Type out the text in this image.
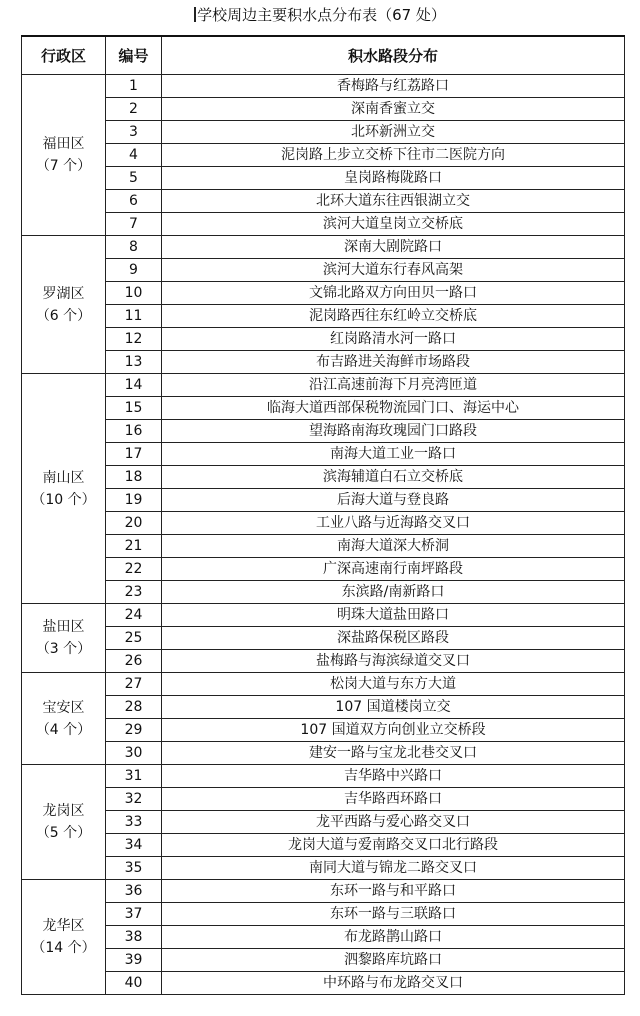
学校周边主要积水点分布表（67 处）
行政区	编号	积水路段分布

福田区
（7 个）	1	香梅路与红荔路口
	2	深南香蜜立交
	3	北环新洲立交
	4	泥岗路上步立交桥下往市二医院方向
	5	皇岗路梅陇路口
	6	北环大道东往西银湖立交
	7	滨河大道皇岗立交桥底

罗湖区
（6 个）	8	深南大剧院路口
	9	滨河大道东行春风高架
	10	文锦北路双方向田贝一路口
	11	泥岗路西往东红岭立交桥底
	12	红岗路清水河一路口
	13	布吉路进关海鲜市场路段

南山区
（10 个）	14	沿江高速前海下月亮湾匝道
	15	临海大道西部保税物流园门口、海运中心
	16	望海路南海玫瑰园门口路段
	17	南海大道工业一路口
	18	滨海辅道白石立交桥底
	19	后海大道与登良路
	20	工业八路与近海路交叉口
	21	南海大道深大桥洞
	22	广深高速南行南坪路段
	23	东滨路/南新路口

盐田区
（3 个）	24	明珠大道盐田路口
	25	深盐路保税区路段
	26	盐梅路与海滨绿道交叉口

宝安区
（4 个）	27	松岗大道与东方大道
	28	107 国道楼岗立交
	29	107 国道双方向创业立交桥段
	30	建安一路与宝龙北巷交叉口

龙岗区
（5 个）	31	吉华路中兴路口
	32	吉华路西环路口
	33	龙平西路与爱心路交叉口
	34	龙岗大道与爱南路交叉口北行路段
	35	南同大道与锦龙二路交叉口

龙华区
（14 个）	36	东环一路与和平路口
	37	东环一路与三联路口
	38	布龙路鹊山路口
	39	泗黎路库坑路口
	40	中环路与布龙路交叉口
